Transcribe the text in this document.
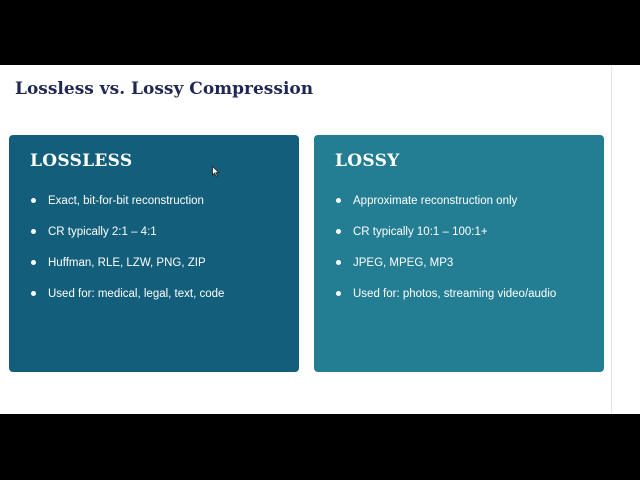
Lossless vs. Lossy Compression
LOSSLESS
Exact, bit-for-bit reconstruction
CR typically 2:1 – 4:1
Huffman, RLE, LZW, PNG, ZIP
Used for: medical, legal, text, code
LOSSY
Approximate reconstruction only
CR typically 10:1 – 100:1+
JPEG, MPEG, MP3
Used for: photos, streaming video/audio
